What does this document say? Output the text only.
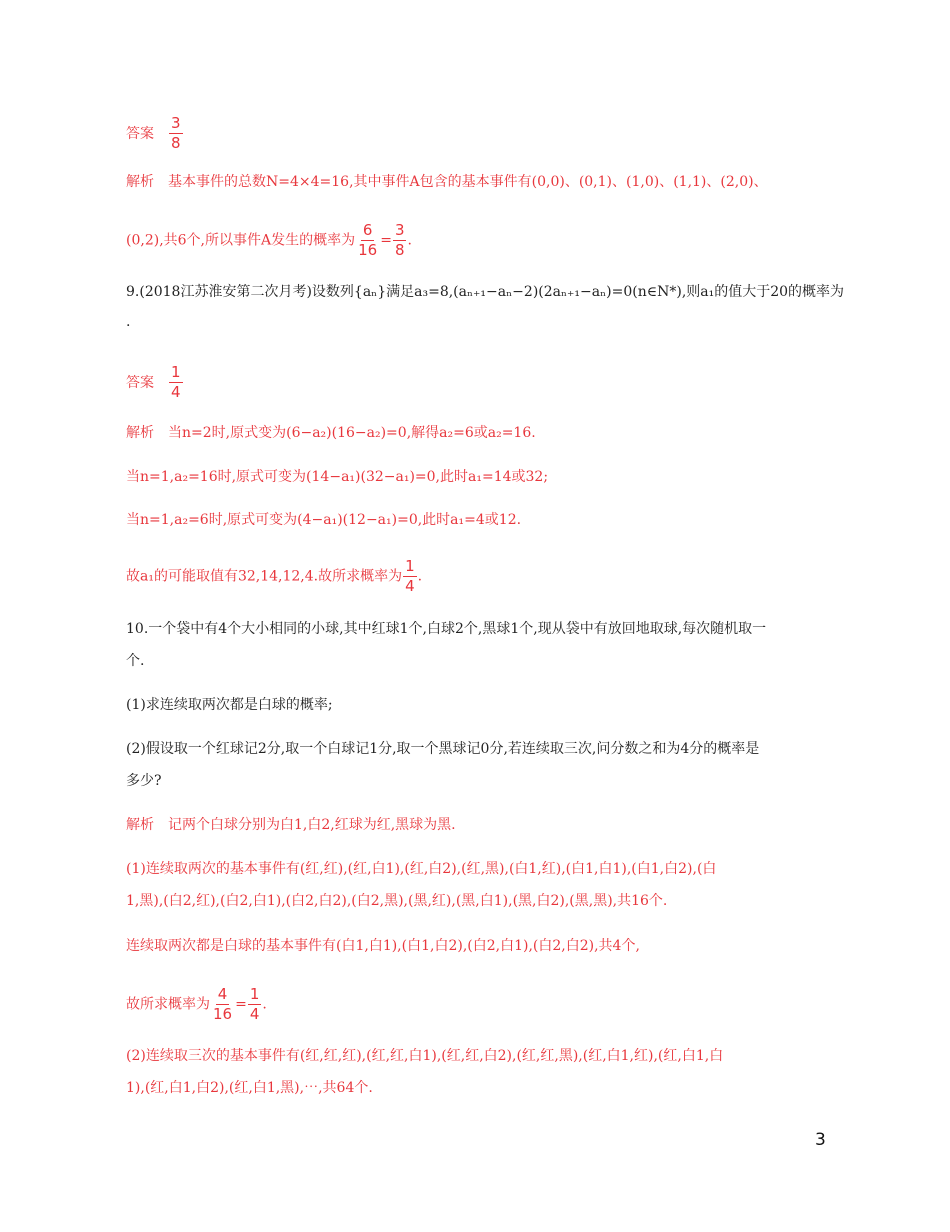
答案 $\frac{3}{8}$
解析 基本事件的总数N=4×4=16,其中事件A包含的基本事件有(0,0)、(0,1)、(1,0)、(1,1)、(2,0)、
(0,2),共6个,所以事件A发生的概率为 $\frac{6}{16} = \frac{3}{8}$ .
9.(2018江苏淮安第二次月考)设数列{aₙ}满足a₃=8,(aₙ₊₁−aₙ−2)(2aₙ₊₁−aₙ)=0(n∈N*),则a₁的值大于20的概率为
.
答案 $\frac{1}{4}$
解析 当n=2时,原式变为(6−a₂)(16−a₂)=0,解得a₂=6或a₂=16.
当n=1,a₂=16时,原式可变为(14−a₁)(32−a₁)=0,此时a₁=14或32;
当n=1,a₂=6时,原式可变为(4−a₁)(12−a₁)=0,此时a₁=4或12.
故a₁的可能取值有32,14,12,4.故所求概率为 $\frac{1}{4}$ .
10.一个袋中有4个大小相同的小球,其中红球1个,白球2个,黑球1个,现从袋中有放回地取球,每次随机取一
个.
(1)求连续取两次都是白球的概率;
(2)假设取一个红球记2分,取一个白球记1分,取一个黑球记0分,若连续取三次,问分数之和为4分的概率是
多少?
解析 记两个白球分别为白1,白2,红球为红,黑球为黑.
(1)连续取两次的基本事件有(红,红),(红,白1),(红,白2),(红,黑),(白1,红),(白1,白1),(白1,白2),(白
1,黑),(白2,红),(白2,白1),(白2,白2),(白2,黑),(黑,红),(黑,白1),(黑,白2),(黑,黑),共16个.
连续取两次都是白球的基本事件有(白1,白1),(白1,白2),(白2,白1),(白2,白2),共4个,
故所求概率为 $\frac{4}{16} = \frac{1}{4}$ .
(2)连续取三次的基本事件有(红,红,红),(红,红,白1),(红,红,白2),(红,红,黑),(红,白1,红),(红,白1,白
1),(红,白1,白2),(红,白1,黑),⋯,共64个.
3
